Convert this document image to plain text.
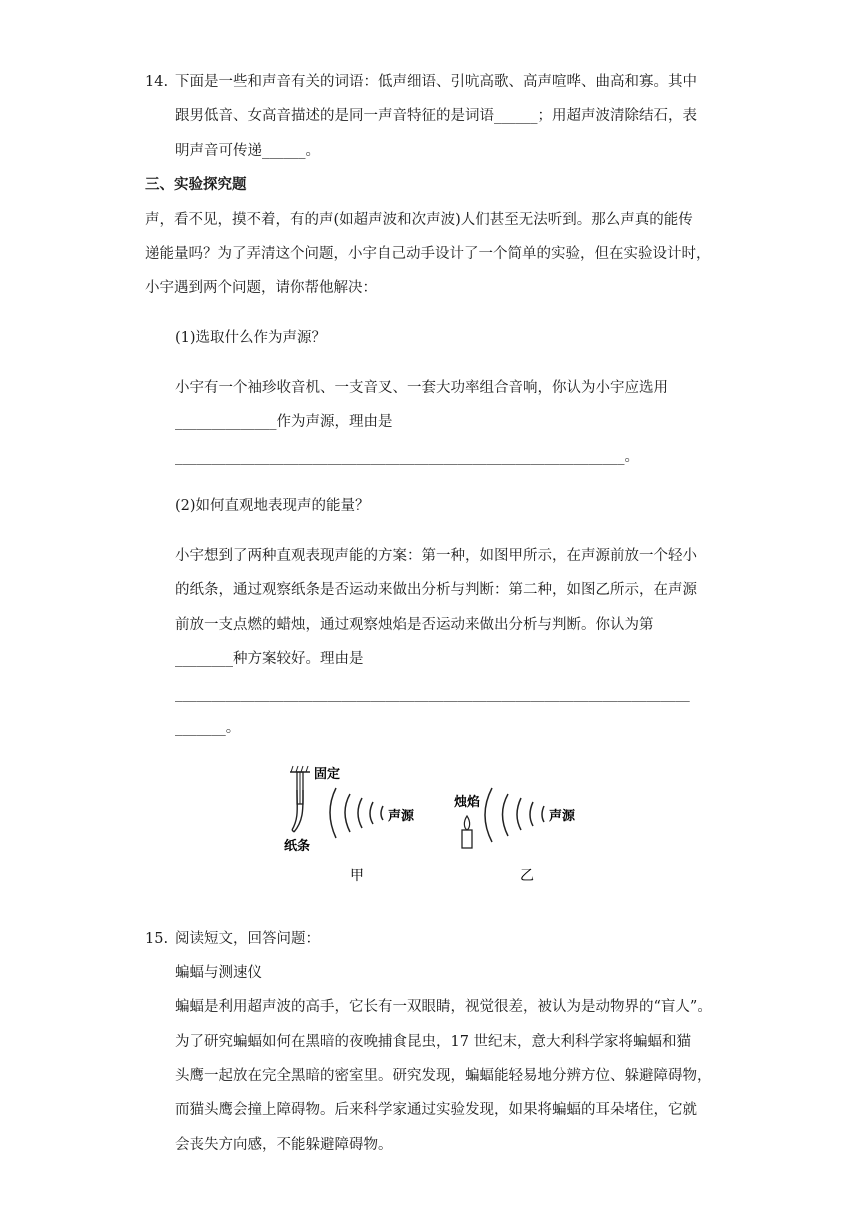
14. 下面是一些和声音有关的词语：低声细语、引吭高歌、高声喧哗、曲高和寡。其中
跟男低音、女高音描述的是同一声音特征的是词语______；用超声波清除结石，表
明声音可传递______。
三、实验探究题
声，看不见，摸不着，有的声(如超声波和次声波)人们甚至无法听到。那么声真的能传
递能量吗？为了弄清这个问题，小宇自己动手设计了一个简单的实验，但在实验设计时，
小宇遇到两个问题，请你帮他解决：
(1)选取什么作为声源？
小宇有一个袖珍收音机、一支音叉、一套大功率组合音响，你认为小宇应选用
______________作为声源，理由是
______________________________________________________________。
(2)如何直观地表现声的能量？
小宇想到了两种直观表现声能的方案：第一种，如图甲所示，在声源前放一个轻小
的纸条，通过观察纸条是否运动来做出分析与判断：第二种，如图乙所示，在声源
前放一支点燃的蜡烛，通过观察烛焰是否运动来做出分析与判断。你认为第
________种方案较好。理由是
_______________________________________________________________________
_______。
固定
纸条
声源
甲
烛焰
声源
乙
15. 阅读短文，回答问题：
蝙蝠与测速仪
蝙蝠是利用超声波的高手，它长有一双眼睛，视觉很差，被认为是动物界的“盲人”。
为了研究蝙蝠如何在黑暗的夜晚捕食昆虫，17 世纪末，意大利科学家将蝙蝠和猫
头鹰一起放在完全黑暗的密室里。研究发现，蝙蝠能轻易地分辨方位、躲避障碍物，
而猫头鹰会撞上障碍物。后来科学家通过实验发现，如果将蝙蝠的耳朵堵住，它就
会丧失方向感，不能躲避障碍物。
